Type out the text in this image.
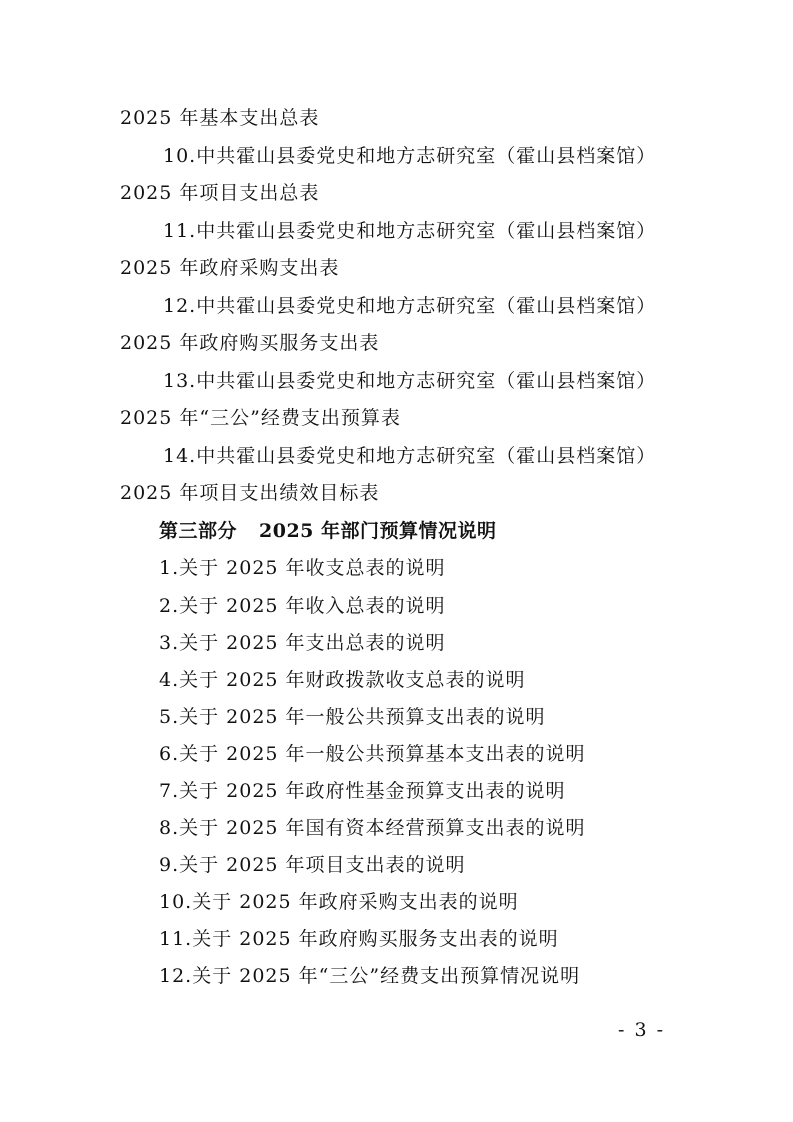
2025 年基本支出总表
10.中共霍山县委党史和地方志研究室（霍山县档案馆）
2025 年项目支出总表
11.中共霍山县委党史和地方志研究室（霍山县档案馆）
2025 年政府采购支出表
12.中共霍山县委党史和地方志研究室（霍山县档案馆）
2025 年政府购买服务支出表
13.中共霍山县委党史和地方志研究室（霍山县档案馆）
2025 年“三公”经费支出预算表
14.中共霍山县委党史和地方志研究室（霍山县档案馆）
2025 年项目支出绩效目标表
第三部分 2025 年部门预算情况说明
1.关于 2025 年收支总表的说明
2.关于 2025 年收入总表的说明
3.关于 2025 年支出总表的说明
4.关于 2025 年财政拨款收支总表的说明
5.关于 2025 年一般公共预算支出表的说明
6.关于 2025 年一般公共预算基本支出表的说明
7.关于 2025 年政府性基金预算支出表的说明
8.关于 2025 年国有资本经营预算支出表的说明
9.关于 2025 年项目支出表的说明
10.关于 2025 年政府采购支出表的说明
11.关于 2025 年政府购买服务支出表的说明
12.关于 2025 年“三公”经费支出预算情况说明
- 3 -
